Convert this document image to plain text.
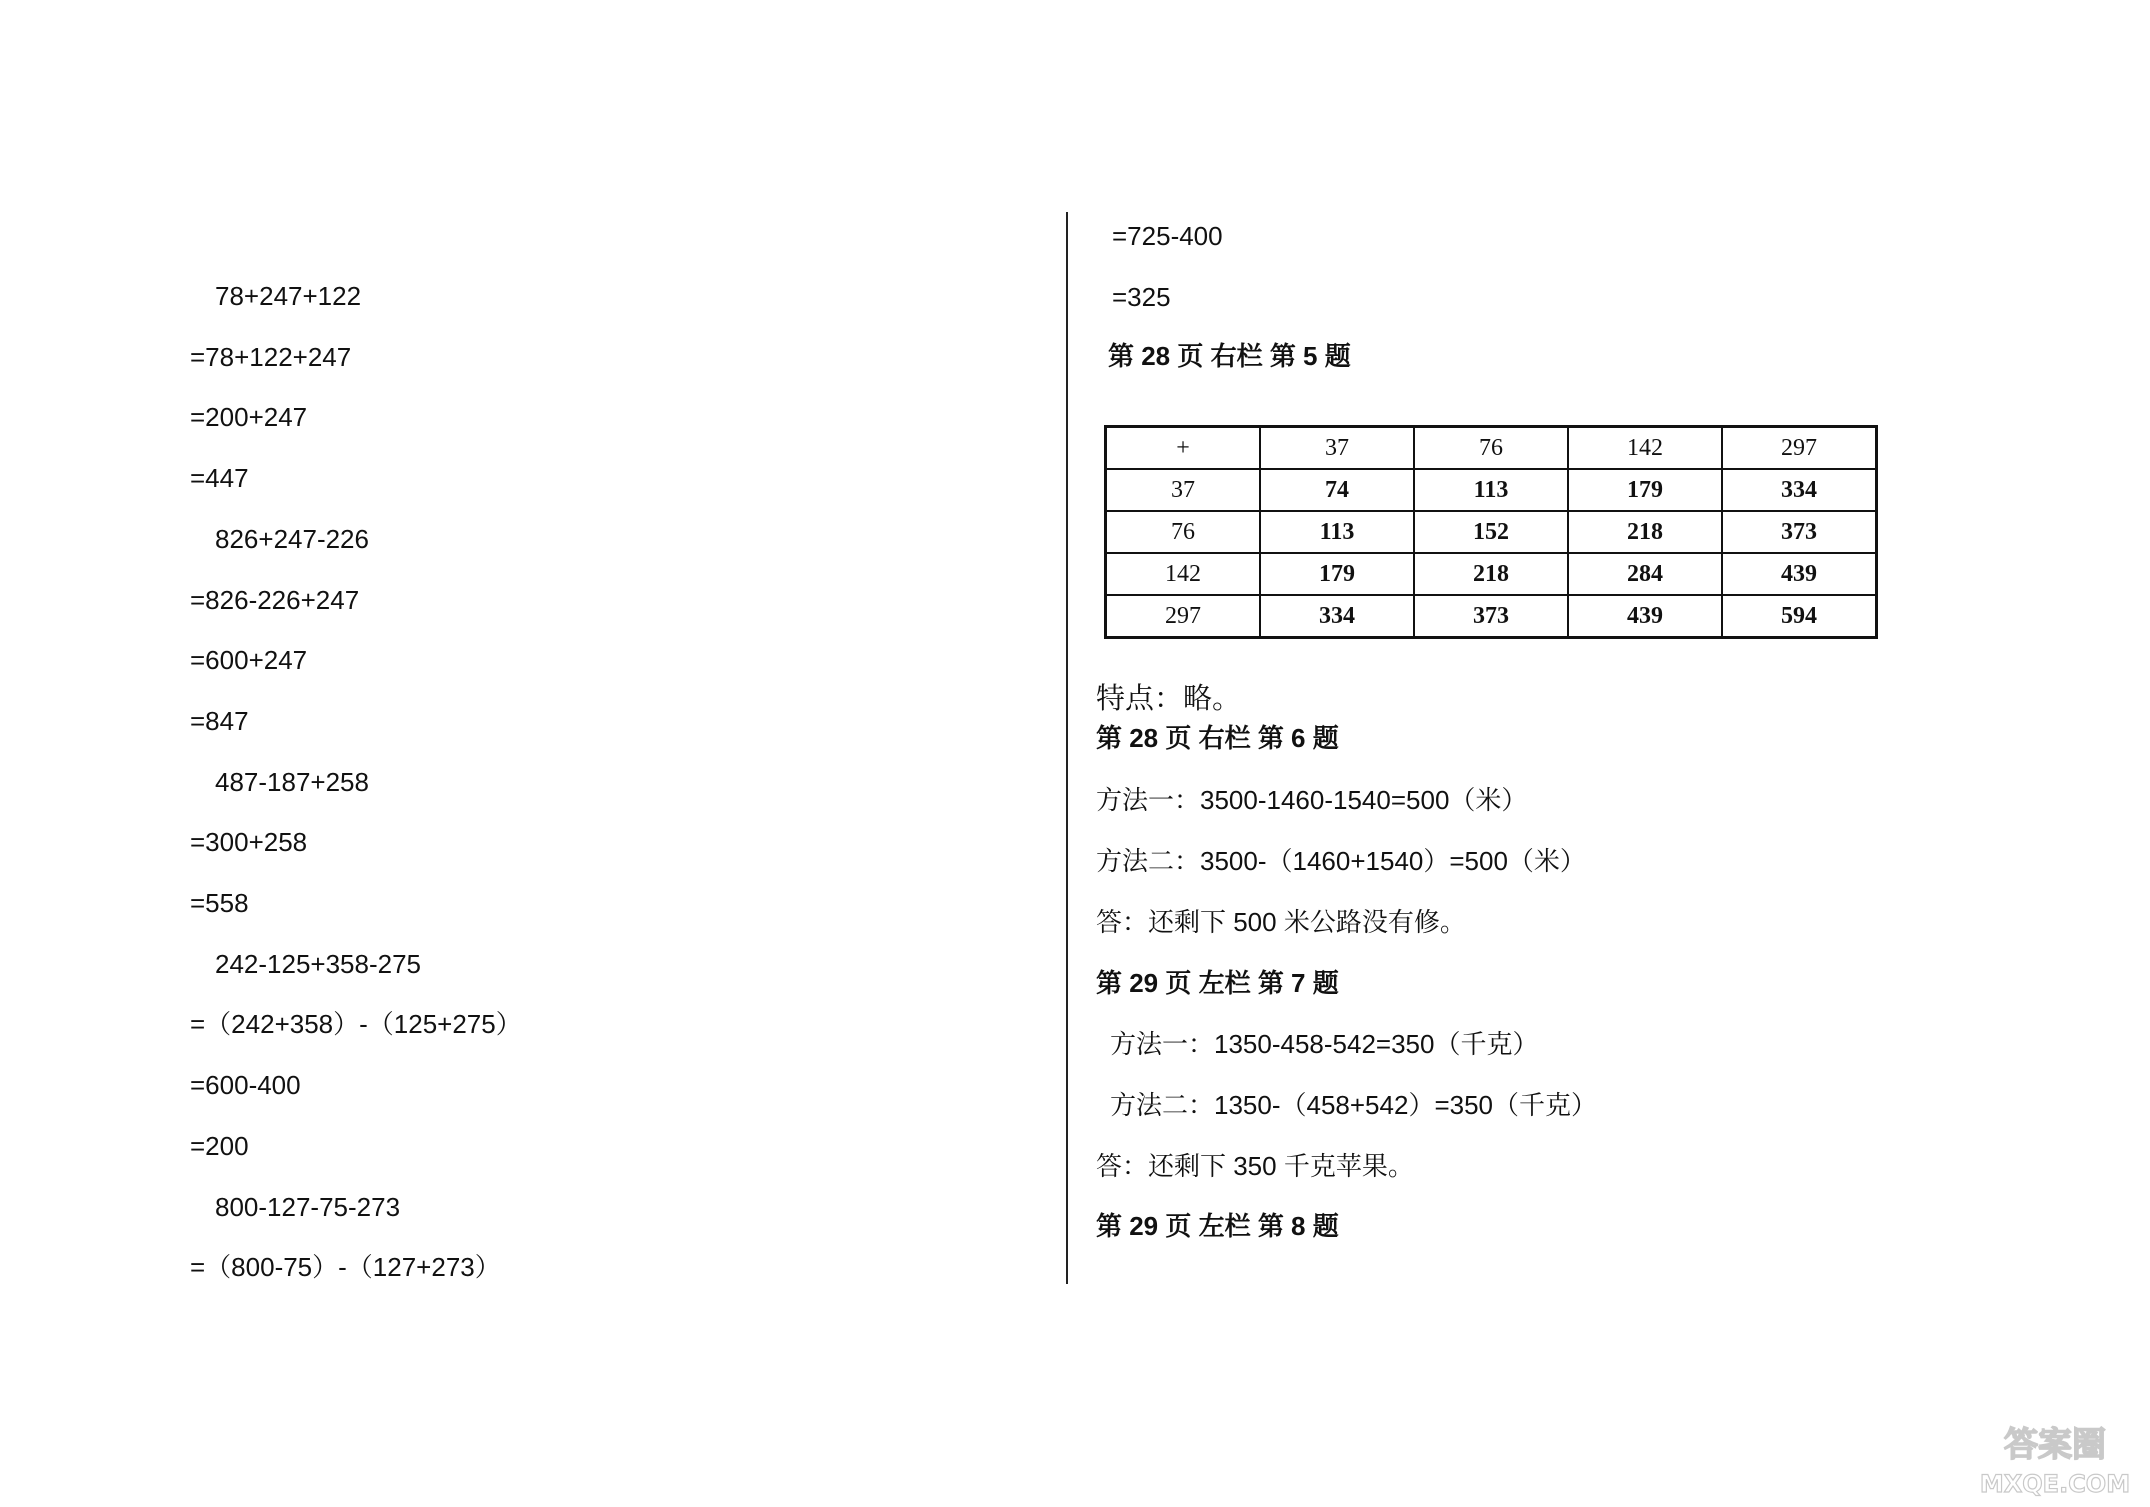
78+247+122
=78+122+247
=200+247
=447
826+247-226
=826-226+247
=600+247
=847
487-187+258
=300+258
=558
242-125+358-275
=（242+358）-（125+275）
=600-400
=200
800-127-75-273
=（800-75）-（127+273）
=725-400
=325
第 28 页 右栏 第 5 题
+	37	76	142	297
37	74	113	179	334
76	113	152	218	373
142	179	218	284	439
297	334	373	439	594
特点：略。
第 28 页 右栏 第 6 题
方法一：3500-1460-1540=500（米）
方法二：3500-（1460+1540）=500（米）
答：还剩下 500 米公路没有修。
第 29 页 左栏 第 7 题
方法一：1350-458-542=350（千克）
方法二：1350-（458+542）=350（千克）
答：还剩下 350 千克苹果。
第 29 页 左栏 第 8 题
答案圈
MXQE.COM
